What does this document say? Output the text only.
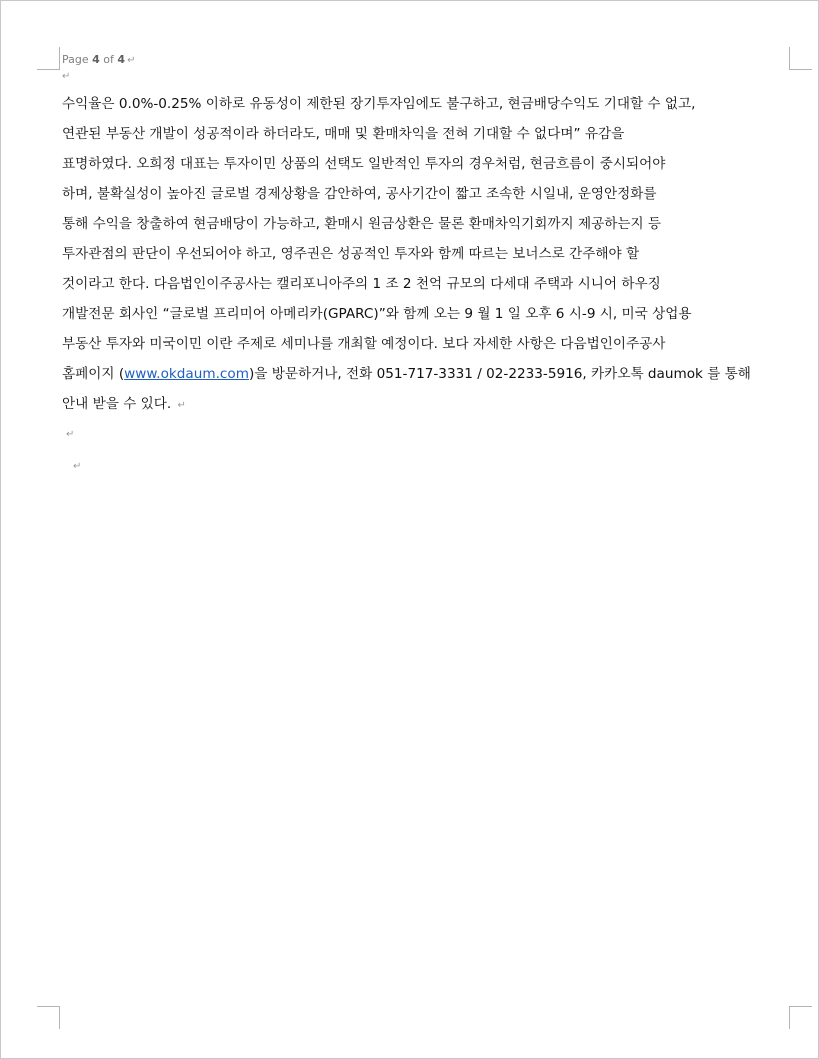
Page 4 of 4 ↵
↵
수익율은 0.0%-0.25% 이하로 유동성이 제한된 장기투자임에도 불구하고, 현금배당수익도 기대할 수 없고,
연관된 부동산 개발이 성공적이라 하더라도, 매매 및 환매차익을 전혀 기대할 수 없다며” 유감을
표명하였다. 오희정 대표는 투자이민 상품의 선택도 일반적인 투자의 경우처럼, 현금흐름이 중시되어야
하며, 불확실성이 높아진 글로벌 경제상황을 감안하여, 공사기간이 짧고 조속한 시일내, 운영안정화를
통해 수익을 창출하여 현금배당이 가능하고, 환매시 원금상환은 물론 환매차익기회까지 제공하는지 등
투자관점의 판단이 우선되어야 하고, 영주권은 성공적인 투자와 함께 따르는 보너스로 간주해야 할
것이라고 한다. 다음법인이주공사는 캘리포니아주의 1 조 2 천억 규모의 다세대 주택과 시니어 하우징
개발전문 회사인 “글로벌 프리미어 아메리카(GPARC)”와 함께 오는 9 월 1 일 오후 6 시-9 시, 미국 상업용
부동산 투자와 미국이민 이란 주제로 세미나를 개최할 예정이다. 보다 자세한 사항은 다음법인이주공사
홈페이지 (www.okdaum.com)을 방문하거나, 전화 051-717-3331 / 02-2233-5916, 카카오톡 daumok 를 통해
안내 받을 수 있다. ↵
↵
↵
